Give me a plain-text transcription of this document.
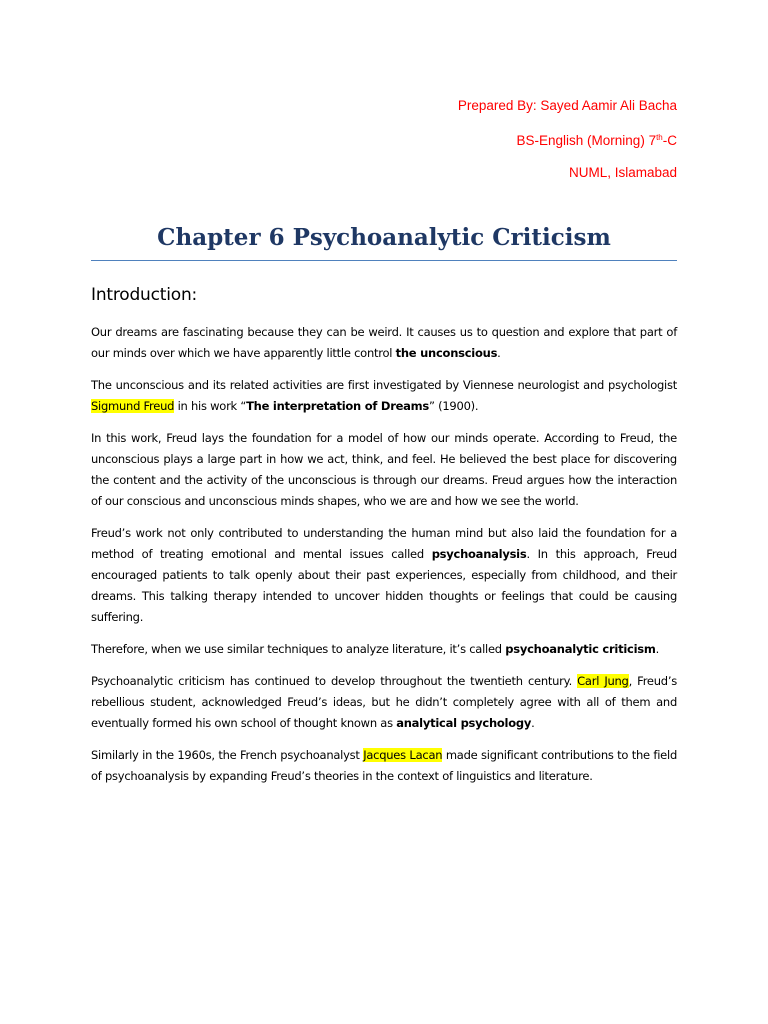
Prepared By: Sayed Aamir Ali Bacha
BS-English (Morning) 7th-C
NUML, Islamabad
Chapter 6 Psychoanalytic Criticism
Introduction:

Our dreams are fascinating because they can be weird. It causes us to question and explore that part of our minds over which we have apparently little control the unconscious.

The unconscious and its related activities are first investigated by Viennese neurologist and psychologist Sigmund Freud in his work “The interpretation of Dreams” (1900).

In this work, Freud lays the foundation for a model of how our minds operate. According to Freud, the unconscious plays a large part in how we act, think, and feel. He believed the best place for discovering the content and the activity of the unconscious is through our dreams. Freud argues how the interaction of our conscious and unconscious minds shapes, who we are and how we see the world.

Freud’s work not only contributed to understanding the human mind but also laid the foundation for a method of treating emotional and mental issues called psychoanalysis. In this approach, Freud encouraged patients to talk openly about their past experiences, especially from childhood, and their dreams. This talking therapy intended to uncover hidden thoughts or feelings that could be causing suffering.

Therefore, when we use similar techniques to analyze literature, it’s called psychoanalytic criticism.

Psychoanalytic criticism has continued to develop throughout the twentieth century. Carl Jung, Freud’s rebellious student, acknowledged Freud’s ideas, but he didn’t completely agree with all of them and eventually formed his own school of thought known as analytical psychology.

Similarly in the 1960s, the French psychoanalyst Jacques Lacan made significant contributions to the field of psychoanalysis by expanding Freud’s theories in the context of linguistics and literature.
